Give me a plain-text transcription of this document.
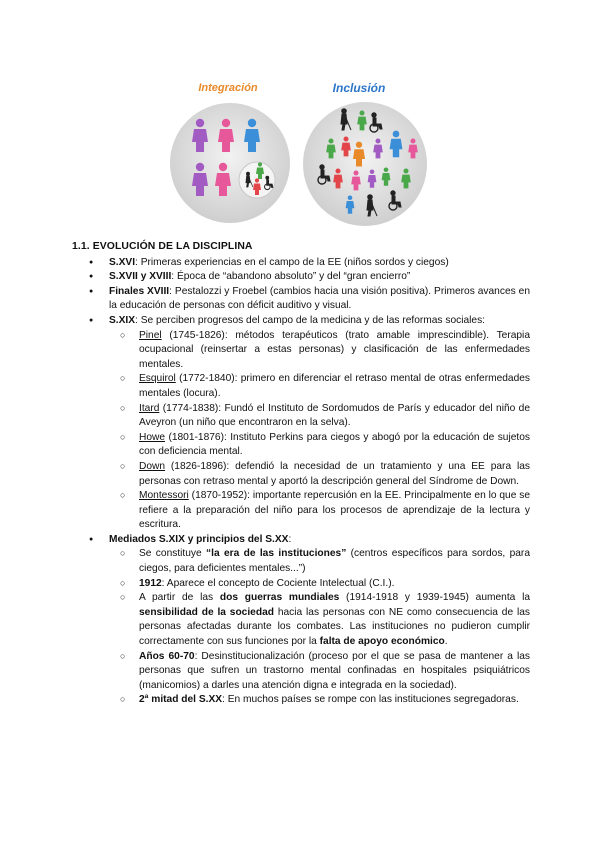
Integración	Inclusión
1.1. EVOLUCIÓN DE LA DISCIPLINA
● S.XVI: Primeras experiencias en el campo de la EE (niños sordos y ciegos)
● S.XVII y XVIII: Época de “abandono absoluto” y del “gran encierro”
● Finales XVIII: Pestalozzi y Froebel (cambios hacia una visión positiva). Primeros avances en la educación de personas con déficit auditivo y visual.
● S.XIX: Se perciben progresos del campo de la medicina y de las reformas sociales:
○ Pinel (1745-1826): métodos terapéuticos (trato amable imprescindible). Terapia ocupacional (reinsertar a estas personas) y clasificación de las enfermedades mentales.
○ Esquirol (1772-1840): primero en diferenciar el retraso mental de otras enfermedades mentales (locura).
○ Itard (1774-1838): Fundó el Instituto de Sordomudos de París y educador del niño de Aveyron (un niño que encontraron en la selva).
○ Howe (1801-1876): Instituto Perkins para ciegos y abogó por la educación de sujetos con deficiencia mental.
○ Down (1826-1896): defendió la necesidad de un tratamiento y una EE para las personas con retraso mental y aportó la descripción general del Síndrome de Down.
○ Montessori (1870-1952): importante repercusión en la EE. Principalmente en lo que se refiere a la preparación del niño para los procesos de aprendizaje de la lectura y escritura.
● Mediados S.XIX y principios del S.XX:
○ Se constituye “la era de las instituciones” (centros específicos para sordos, para ciegos, para deficientes mentales...”)
○ 1912: Aparece el concepto de Cociente Intelectual (C.I.).
○ A partir de las dos guerras mundiales (1914-1918 y 1939-1945) aumenta la sensibilidad de la sociedad hacia las personas con NE como consecuencia de las personas afectadas durante los combates. Las instituciones no pudieron cumplir correctamente con sus funciones por la falta de apoyo económico.
○ Años 60-70: Desinstitucionalización (proceso por el que se pasa de mantener a las personas que sufren un trastorno mental confinadas en hospitales psiquiátricos (manicomios) a darles una atención digna e integrada en la sociedad).
○ 2ª mitad del S.XX: En muchos países se rompe con las instituciones segregadoras.
